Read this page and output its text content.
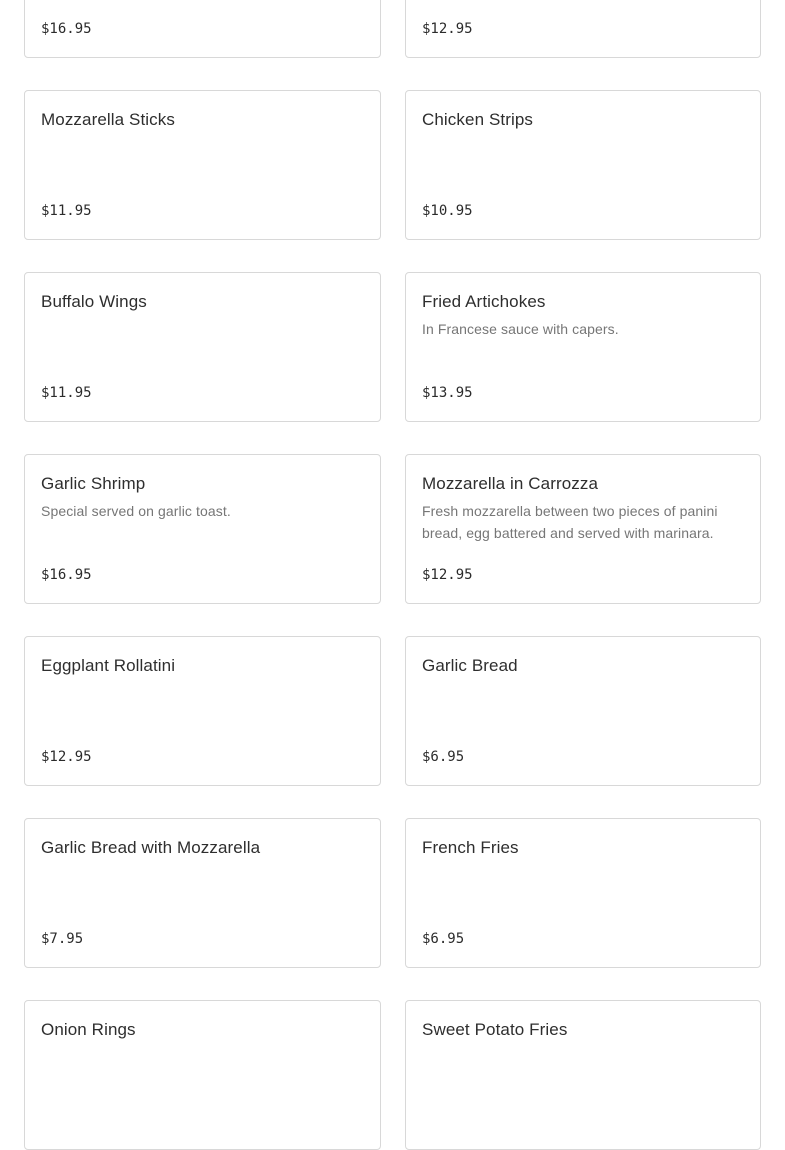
$16.95	$12.95
Mozzarella Sticks
$11.95
Chicken Strips
$10.95
Buffalo Wings
$11.95
Fried Artichokes
In Francese sauce with capers.
$13.95
Garlic Shrimp
Special served on garlic toast.
$16.95
Mozzarella in Carrozza
Fresh mozzarella between two pieces of panini bread, egg battered and served with marinara.
$12.95
Eggplant Rollatini
$12.95
Garlic Bread
$6.95
Garlic Bread with Mozzarella
$7.95
French Fries
$6.95
Onion Rings	Sweet Potato Fries
